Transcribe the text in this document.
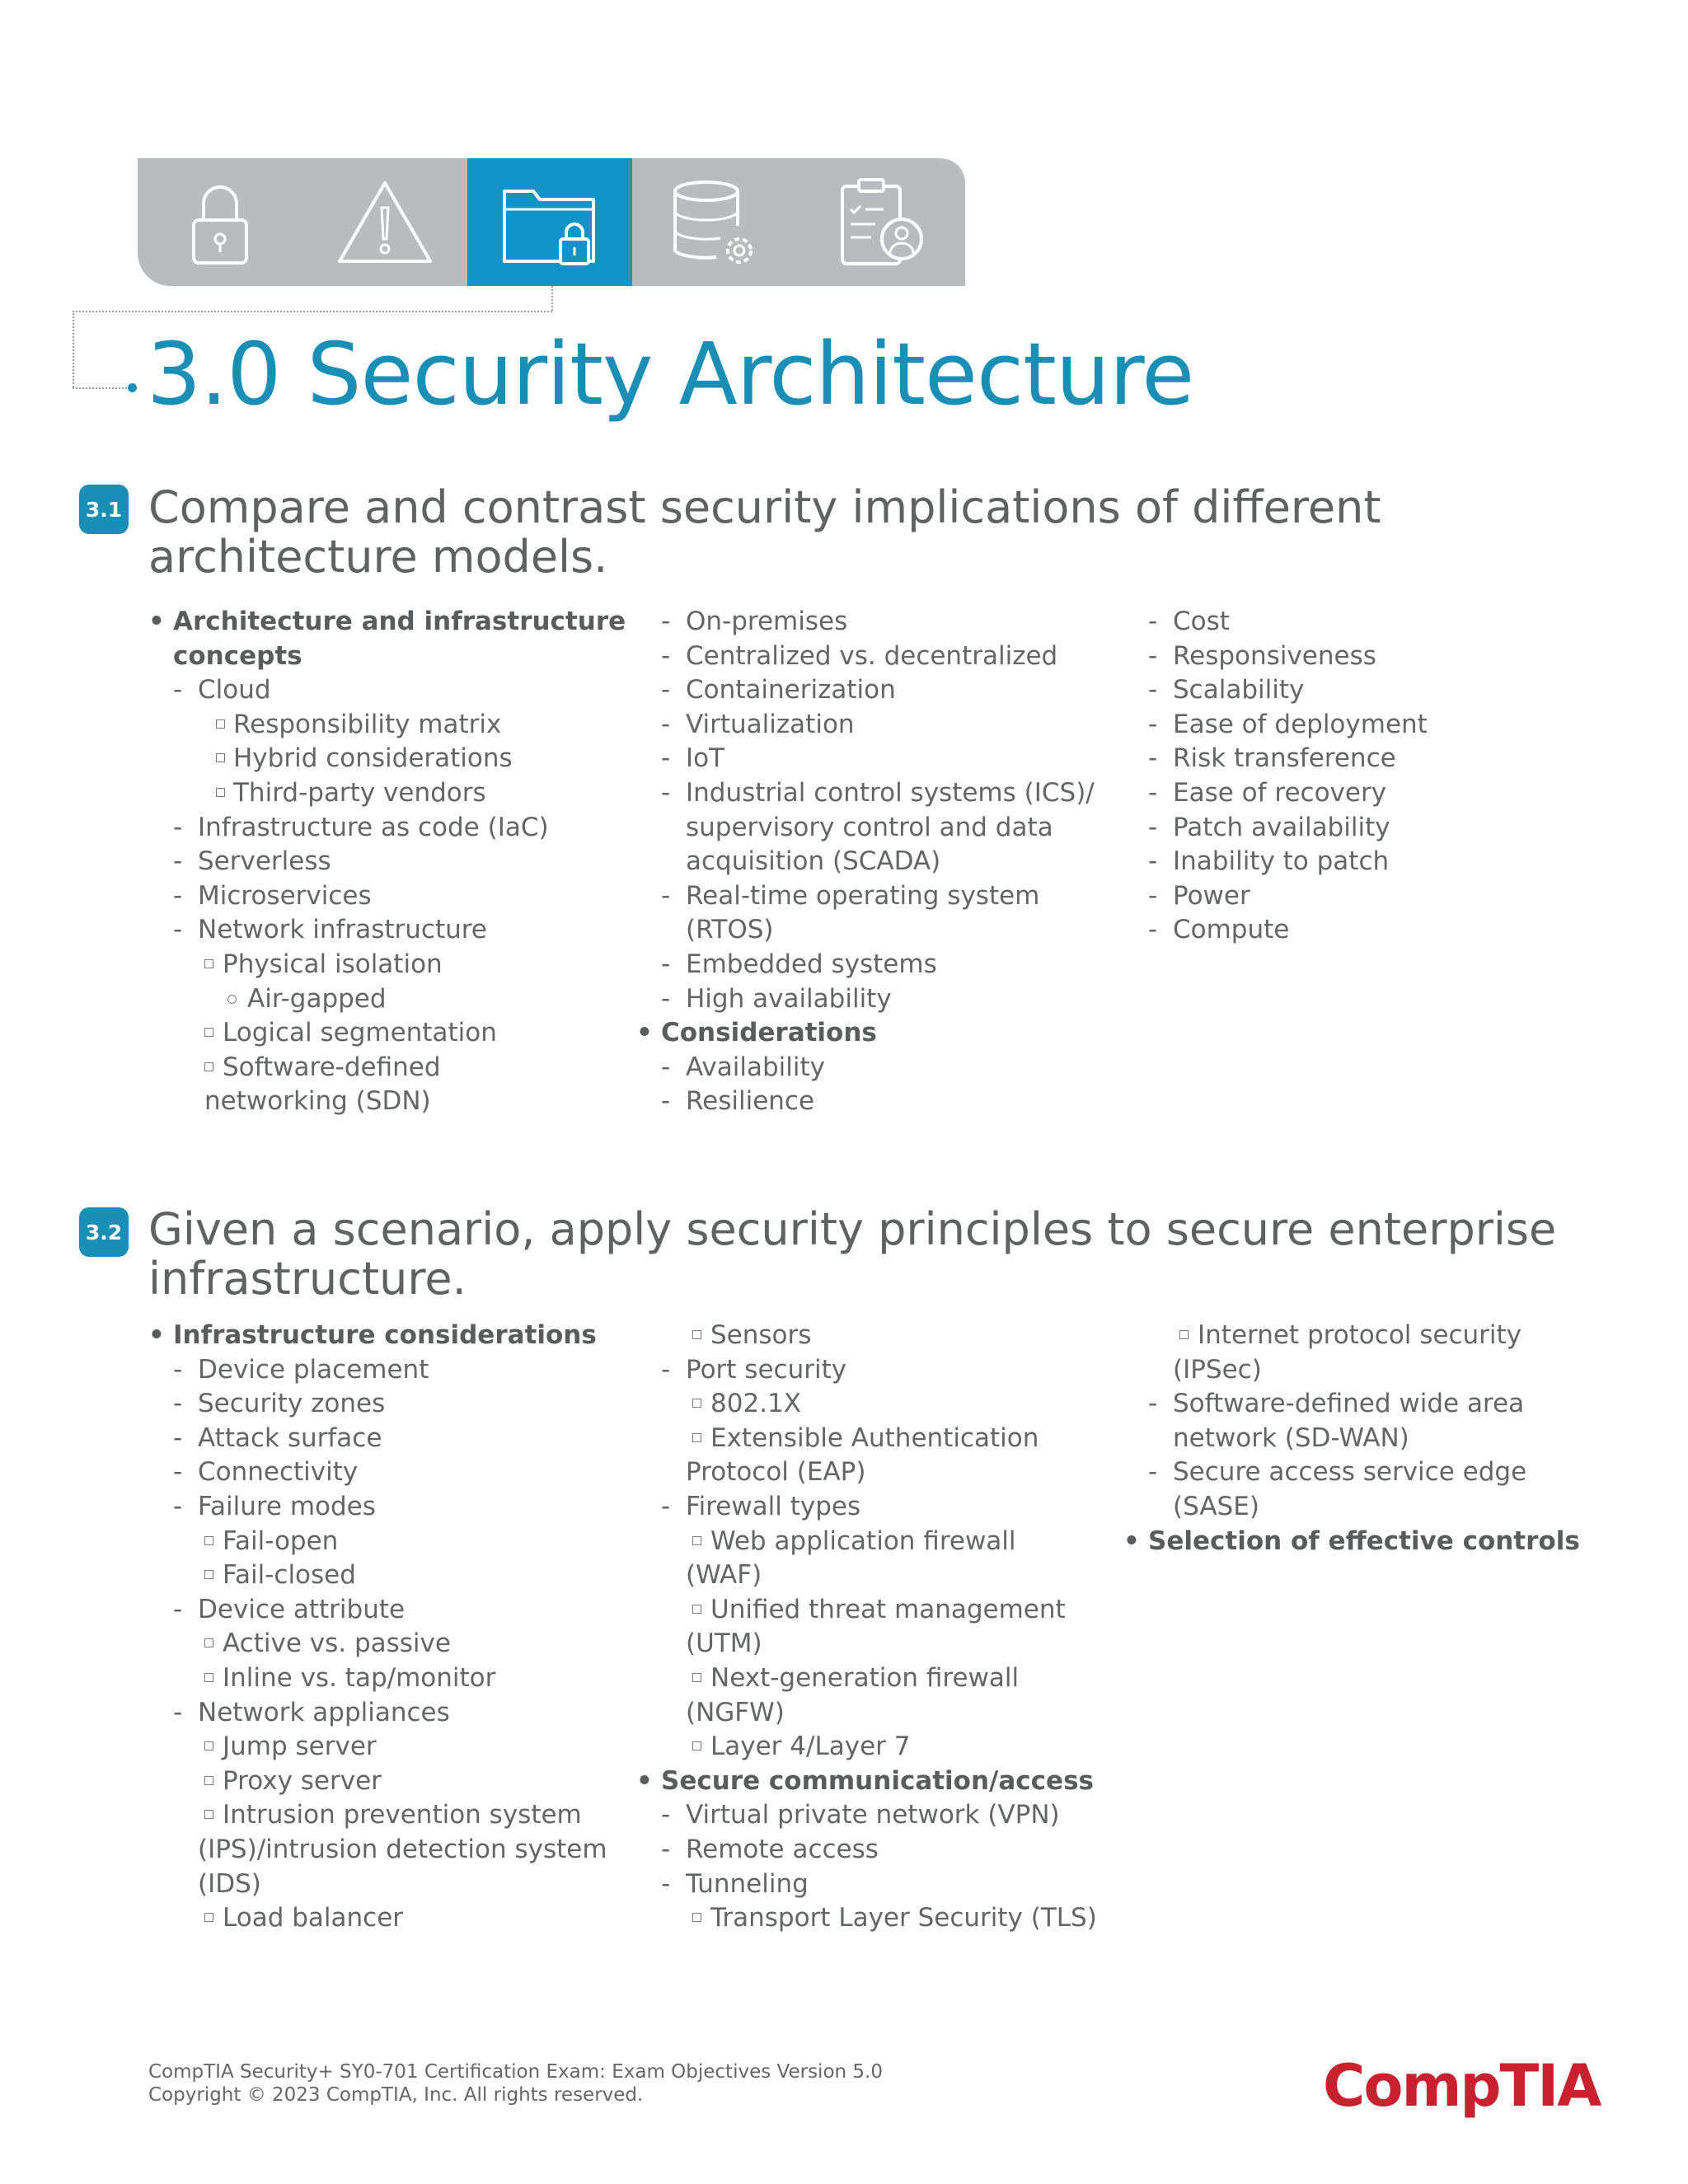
3.0 Security Architecture
3.1 Compare and contrast security implications of different architecture models.
• Architecture and infrastructure
concepts
- Cloud
Responsibility matrix
Hybrid considerations
Third-party vendors
- Infrastructure as code (IaC)
- Serverless
- Microservices
- Network infrastructure
Physical isolation
Air-gapped
Logical segmentation
Software-defined
networking (SDN)
- On-premises
- Centralized vs. decentralized
- Containerization
- Virtualization
- IoT
- Industrial control systems (ICS)/
supervisory control and data
acquisition (SCADA)
- Real-time operating system
(RTOS)
- Embedded systems
- High availability
• Considerations
- Availability
- Resilience
- Cost
- Responsiveness
- Scalability
- Ease of deployment
- Risk transference
- Ease of recovery
- Patch availability
- Inability to patch
- Power
- Compute
3.2 Given a scenario, apply security principles to secure enterprise infrastructure.
• Infrastructure considerations
- Device placement
- Security zones
- Attack surface
- Connectivity
- Failure modes
Fail-open
Fail-closed
- Device attribute
Active vs. passive
Inline vs. tap/monitor
- Network appliances
Jump server
Proxy server
Intrusion prevention system
(IPS)/intrusion detection system
(IDS)
Load balancer
Sensors
- Port security
802.1X
Extensible Authentication
Protocol (EAP)
- Firewall types
Web application firewall
(WAF)
Unified threat management
(UTM)
Next-generation firewall
(NGFW)
Layer 4/Layer 7
• Secure communication/access
- Virtual private network (VPN)
- Remote access
- Tunneling
Transport Layer Security (TLS)
Internet protocol security
(IPSec)
- Software-defined wide area
network (SD-WAN)
- Secure access service edge
(SASE)
• Selection of effective controls
CompTIA Security+ SY0-701 Certification Exam: Exam Objectives Version 5.0
Copyright © 2023 CompTIA, Inc. All rights reserved.	CompTIA
